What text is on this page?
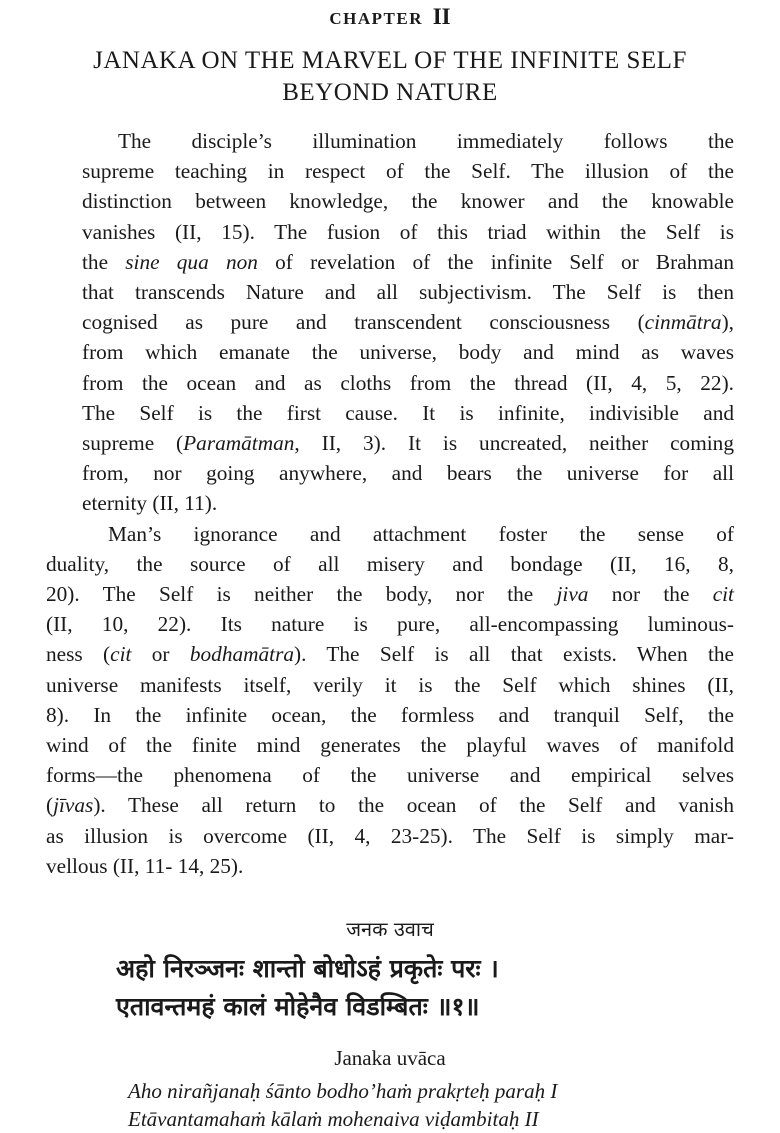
CHAPTER II
JANAKA ON THE MARVEL OF THE INFINITE SELF
BEYOND NATURE
The disciple’s illumination immediately follows the
supreme teaching in respect of the Self. The illusion of the
distinction between knowledge, the knower and the knowable
vanishes (II, 15). The fusion of this triad within the Self is
the sine qua non of revelation of the infinite Self or Brahman
that transcends Nature and all subjectivism. The Self is then
cognised as pure and transcendent consciousness (cinmātra),
from which emanate the universe, body and mind as waves
from the ocean and as cloths from the thread (II, 4, 5, 22).
The Self is the first cause. It is infinite, indivisible and
supreme (Paramātman, II, 3). It is uncreated, neither coming
from, nor going anywhere, and bears the universe for all
eternity (II, 11).
Man’s ignorance and attachment foster the sense of
duality, the source of all misery and bondage (II, 16, 8,
20). The Self is neither the body, nor the jiva nor the cit
(II, 10, 22). Its nature is pure, all-encompassing luminous-
ness (cit or bodhamātra). The Self is all that exists. When the
universe manifests itself, verily it is the Self which shines (II,
8). In the infinite ocean, the formless and tranquil Self, the
wind of the finite mind generates the playful waves of manifold
forms—the phenomena of the universe and empirical selves
(jīvas). These all return to the ocean of the Self and vanish
as illusion is overcome (II, 4, 23-25). The Self is simply mar-
vellous (II, 11- 14, 25).
जनक उवाच
अहो निरञ्जनः शान्तो बोधोऽहं प्रकृतेः परः ।
एतावन्तमहं कालं मोहेनैव विडम्बितः ॥१॥
Janaka uvāca
Aho nirañjanaḥ śānto bodho’haṁ prakṛteḥ paraḥ I
Etāvantamahaṁ kālaṁ mohenaiva viḍambitaḥ II
